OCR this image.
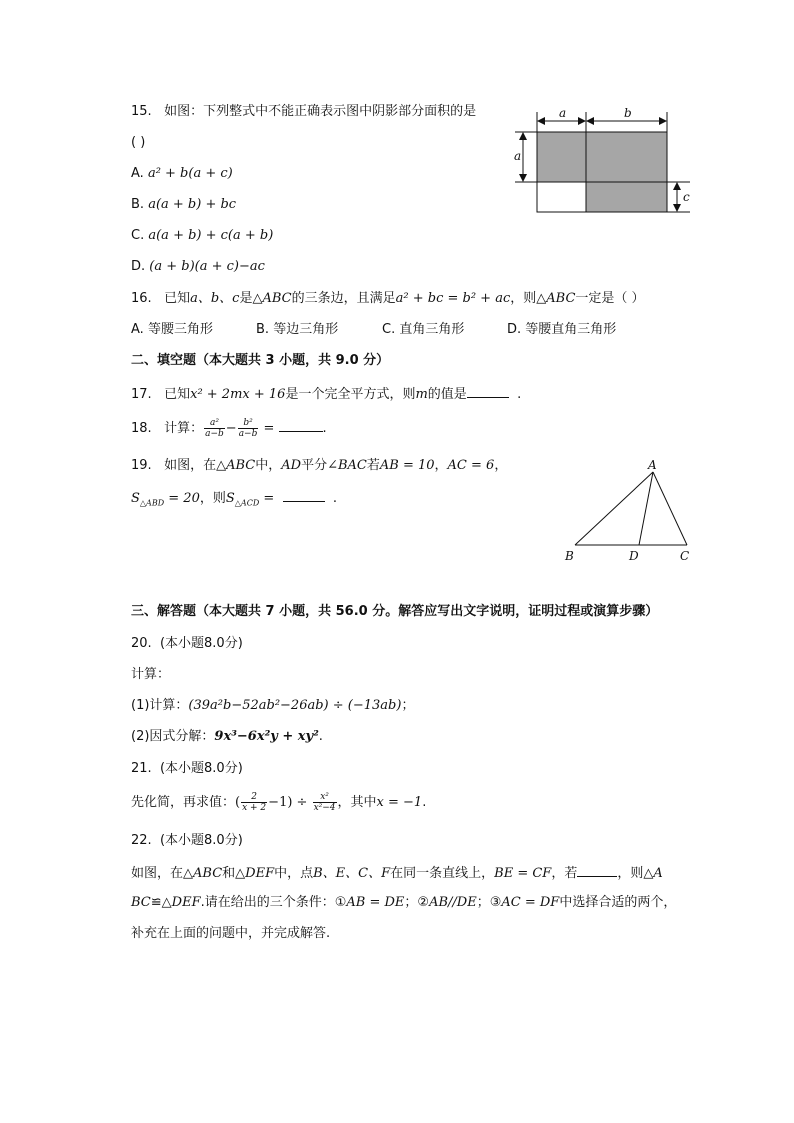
15. 如图：下列整式中不能正确表示图中阴影部分面积的是
( )
A. a² + b(a + c)
B. a(a + b) + bc
C. a(a + b) + c(a + b)
D. (a + b)(a + c)−ac
a	b
a
c
16. 已知a、b、c是△ABC的三条边，且满足a² + bc = b² + ac，则△ABC一定是（ ）
A. 等腰三角形	B. 等边三角形	C. 直角三角形	D. 等腰直角三角形
二、填空题（本大题共 3 小题，共 9.0 分）
17. 已知x² + 2mx + 16是一个完全平方式，则m的值是	.
18. 计算： $\frac{\text{a²}}{a-b} - \frac{\text{b²}}{a-b}$ =	.
19. 如图，在△ABC中，AD平分∠BAC若AB = 10，AC = 6，
$S_{\triangle ABD} = 20$，则$S_{\triangle ACD}$ =	.
A
B	D	C
三、解答题（本大题共 7 小题，共 56.0 分。解答应写出文字说明，证明过程或演算步骤）
20. (本小题8.0分)
计算：
(1)计算：(39a²b−52ab²−26ab) ÷ (−13ab)；
(2)因式分解：9x³−6x²y + xy².
21. (本小题8.0分)
先化简，再求值：( $\frac{2}{x + 2} -1) \div \frac{\text{x²}}{\text{x²−4}}$ ，其中x = −1.
22. (本小题8.0分)
如图，在△ABC和△DEF中，点B、E、C、F在同一条直线上，BE = CF，若	，则△A
BC≌△DEF.请在给出的三个条件：①AB = DE；②AB//DE；③AC = DF中选择合适的两个，
补充在上面的问题中，并完成解答.
